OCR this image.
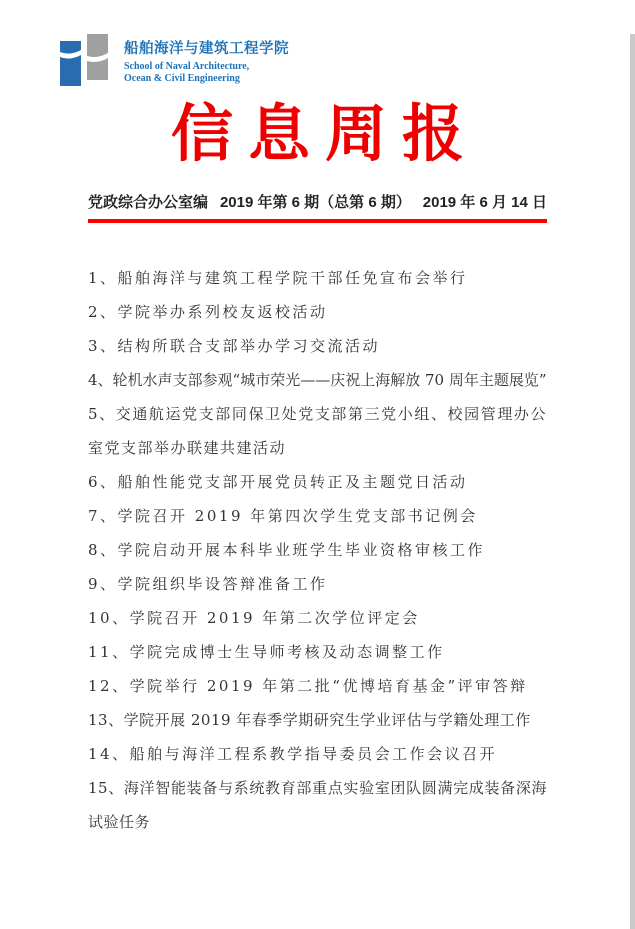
船舶海洋与建筑工程学院
School of Naval Architecture,
Ocean & Civil Engineering
信息周报
党政综合办公室编 2019 年第 6 期（总第 6 期） 2019 年 6 月 14 日

1、船舶海洋与建筑工程学院干部任免宣布会举行

2、学院举办系列校友返校活动

3、结构所联合支部举办学习交流活动

4、轮机水声支部参观“城市荣光——庆祝上海解放 70 周年主题展览”

5、交通航运党支部同保卫处党支部第三党小组、校园管理办公室党支部举办联建共建活动

6、船舶性能党支部开展党员转正及主题党日活动

7、学院召开 2019 年第四次学生党支部书记例会

8、学院启动开展本科毕业班学生毕业资格审核工作

9、学院组织毕设答辩准备工作

10、学院召开 2019 年第二次学位评定会

11、学院完成博士生导师考核及动态调整工作

12、学院举行 2019 年第二批“优博培育基金”评审答辩

13、学院开展 2019 年春季学期研究生学业评估与学籍处理工作

14、船舶与海洋工程系教学指导委员会工作会议召开

15、海洋智能装备与系统教育部重点实验室团队圆满完成装备深海试验任务
